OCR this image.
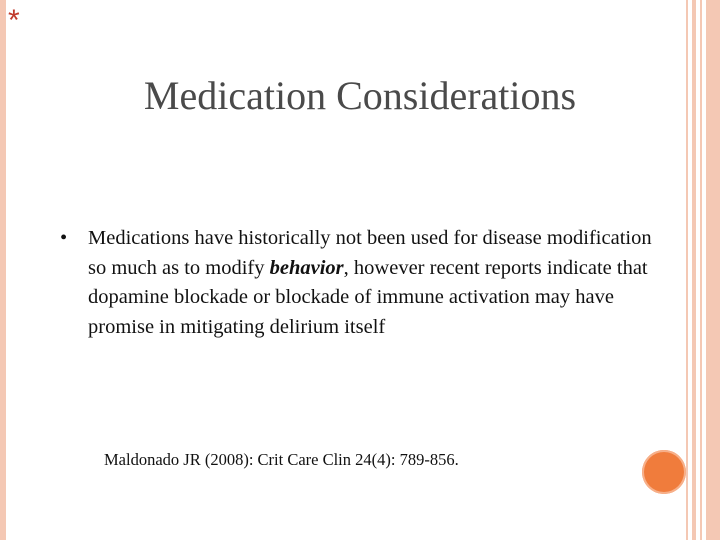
*
Medication Considerations
•	Medications have historically not been used for disease modification so much as to modify behavior, however recent reports indicate that dopamine blockade or blockade of immune activation may have promise in mitigating delirium itself
Maldonado JR (2008): Crit Care Clin 24(4): 789-856.
